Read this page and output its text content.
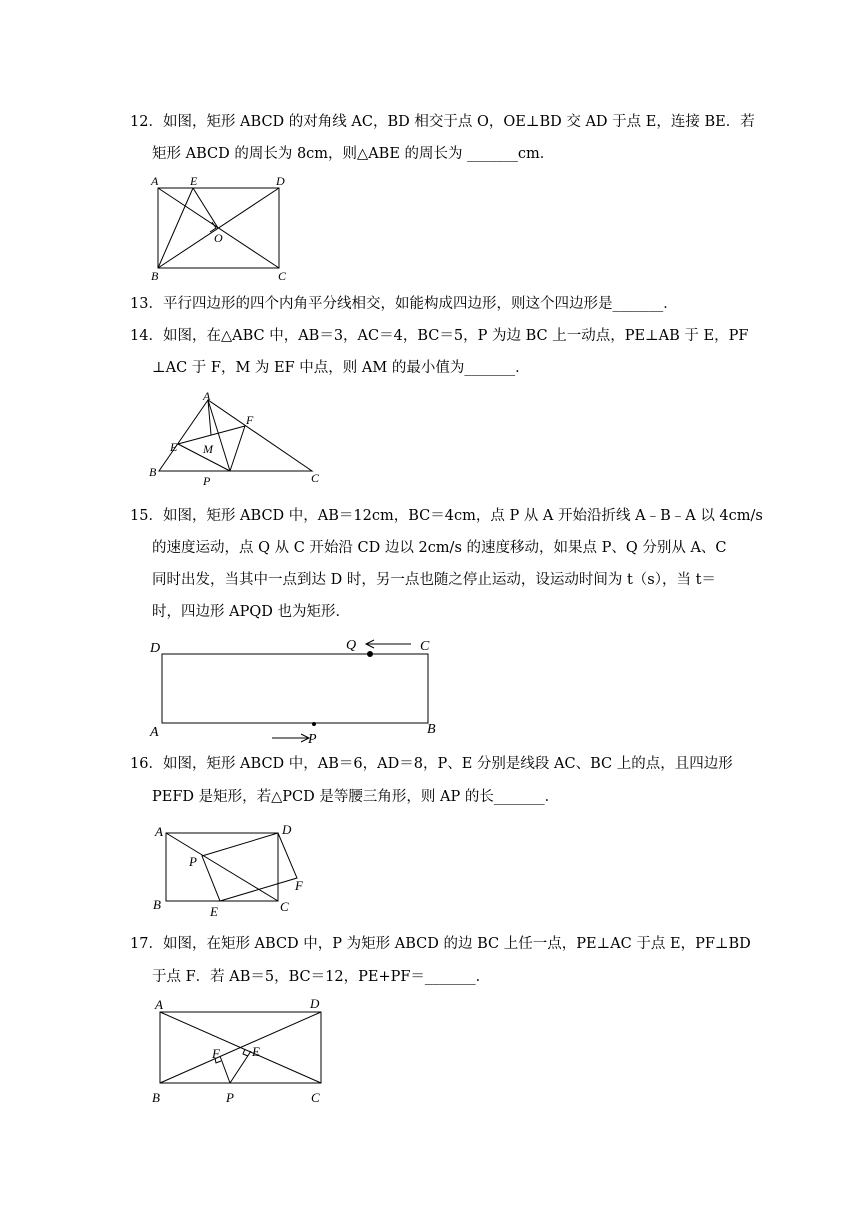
12．如图，矩形 ABCD 的对角线 AC，BD 相交于点 O，OE⊥BD 交 AD 于点 E，连接 BE．若
矩形 ABCD 的周长为 8cm，则△ABE 的周长为 _______cm．
A	E	D
O
B	C
13．平行四边形的四个内角平分线相交，如能构成四边形，则这个四边形是_______．
14．如图，在△ABC 中，AB＝3，AC＝4，BC＝5，P 为边 BC 上一动点，PE⊥AB 于 E，PF
⊥AC 于 F，M 为 EF 中点，则 AM 的最小值为_______．
A
F
E M
B
P	C
15．如图，矩形 ABCD 中，AB＝12cm，BC＝4cm，点 P 从 A 开始沿折线 A﹣B﹣A 以 4cm/s
的速度运动，点 Q 从 C 开始沿 CD 边以 2cm/s 的速度移动，如果点 P、Q 分别从 A、C
同时出发，当其中一点到达 D 时，另一点也随之停止运动，设运动时间为 t（s），当 t＝
时，四边形 APQD 也为矩形．
D	Q	C
A	P
B
16．如图，矩形 ABCD 中，AB＝6，AD＝8，P、E 分别是线段 AC、BC 上的点，且四边形
PEFD 是矩形，若△PCD 是等腰三角形，则 AP 的长_______．
A	D
P
F
B	E	C
17．如图，在矩形 ABCD 中，P 为矩形 ABCD 的边 BC 上任一点，PE⊥AC 于点 E，PF⊥BD
于点 F．若 AB＝5，BC＝12，PE+PF＝_______．
A	D
F E
B	P	C
